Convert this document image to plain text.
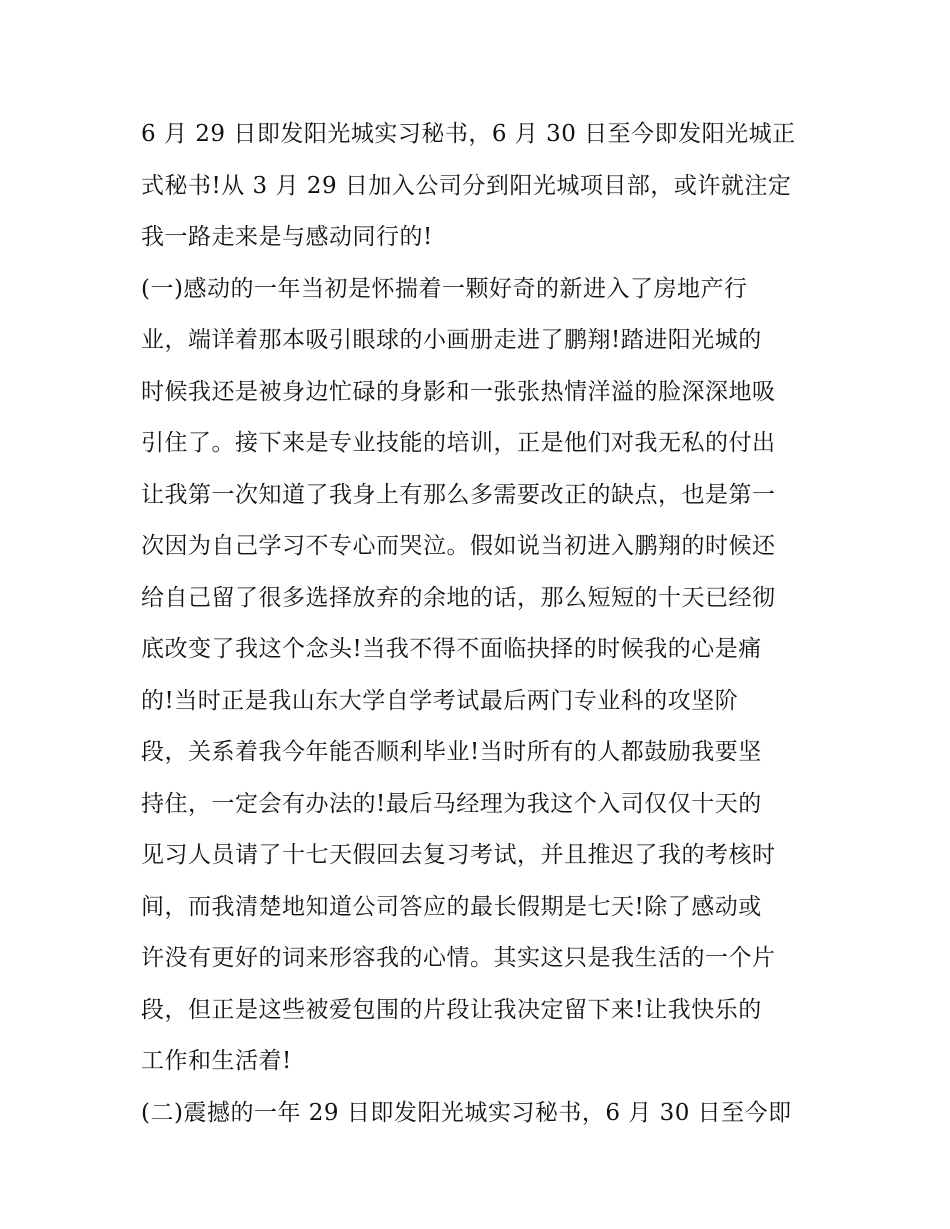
6 月 29 日即发阳光城实习秘书，6 月 30 日至今即发阳光城正
式秘书!从 3 月 29 日加入公司分到阳光城项目部，或许就注定
我一路走来是与感动同行的!
(一)感动的一年当初是怀揣着一颗好奇的新进入了房地产行
业，端详着那本吸引眼球的小画册走进了鹏翔!踏进阳光城的
时候我还是被身边忙碌的身影和一张张热情洋溢的脸深深地吸
引住了。接下来是专业技能的培训，正是他们对我无私的付出
让我第一次知道了我身上有那么多需要改正的缺点，也是第一
次因为自己学习不专心而哭泣。假如说当初进入鹏翔的时候还
给自己留了很多选择放弃的余地的话，那么短短的十天已经彻
底改变了我这个念头!当我不得不面临抉择的时候我的心是痛
的!当时正是我山东大学自学考试最后两门专业科的攻坚阶
段，关系着我今年能否顺利毕业!当时所有的人都鼓励我要坚
持住，一定会有办法的!最后马经理为我这个入司仅仅十天的
见习人员请了十七天假回去复习考试，并且推迟了我的考核时
间，而我清楚地知道公司答应的最长假期是七天!除了感动或
许没有更好的词来形容我的心情。其实这只是我生活的一个片
段，但正是这些被爱包围的片段让我决定留下来!让我快乐的
工作和生活着!
(二)震撼的一年 29 日即发阳光城实习秘书，6 月 30 日至今即
